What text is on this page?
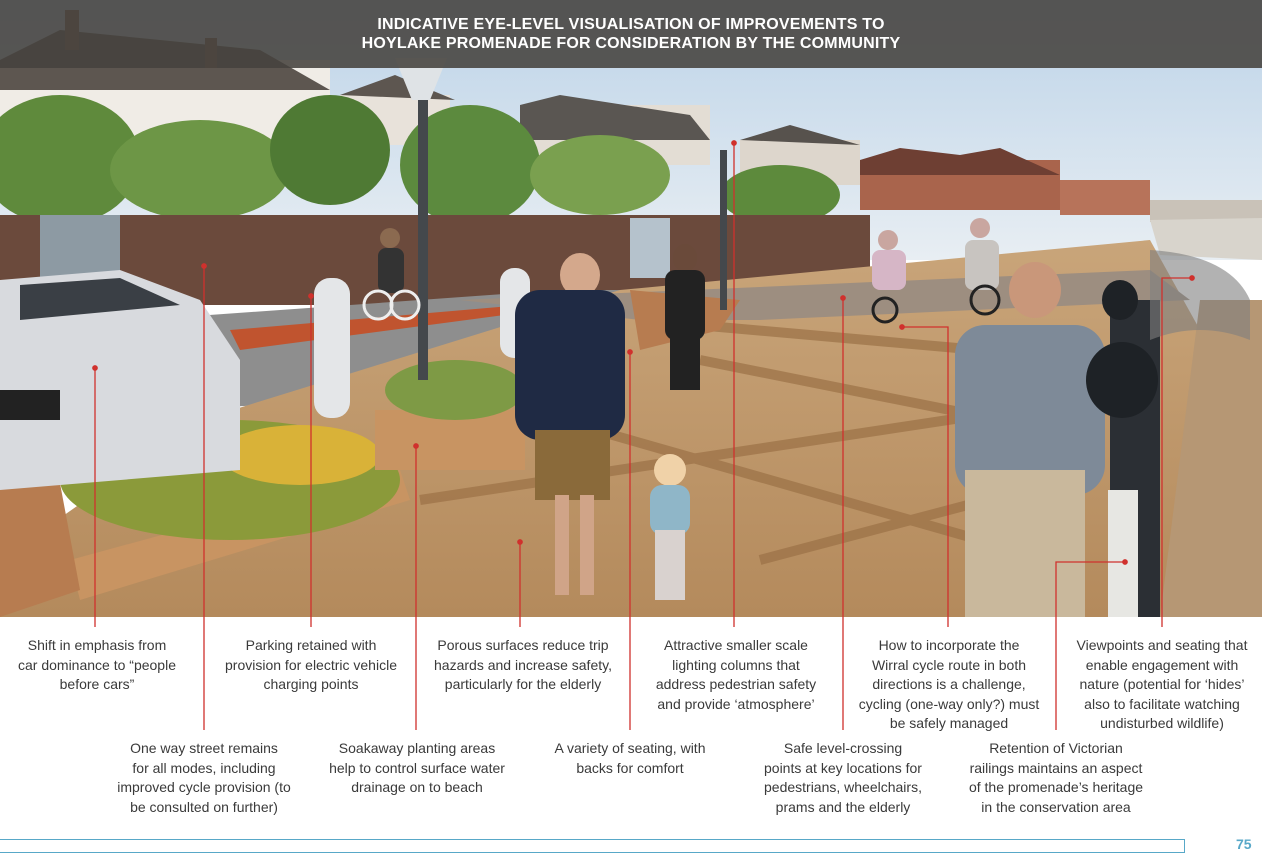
INDICATIVE EYE-LEVEL VISUALISATION OF IMPROVEMENTS TO
HOYLAKE PROMENADE FOR CONSIDERATION BY THE COMMUNITY
Shift in emphasis from
car dominance to “people
before cars”
Parking retained with
provision for electric vehicle
charging points
Porous surfaces reduce trip
hazards and increase safety,
particularly for the elderly
Attractive smaller scale
lighting columns that
address pedestrian safety
and provide ‘atmosphere’
How to incorporate the
Wirral cycle route in both
directions is a challenge,
cycling (one-way only?) must
be safely managed
Viewpoints and seating that
enable engagement with
nature (potential for ‘hides’
also to facilitate watching
undisturbed wildlife)
One way street remains
for all modes, including
improved cycle provision (to
be consulted on further)
Soakaway planting areas
help to control surface water
drainage on to beach
A variety of seating, with
backs for comfort
Safe level-crossing
points at key locations for
pedestrians, wheelchairs,
prams and the elderly
Retention of Victorian
railings maintains an aspect
of the promenade’s heritage
in the conservation area
75
